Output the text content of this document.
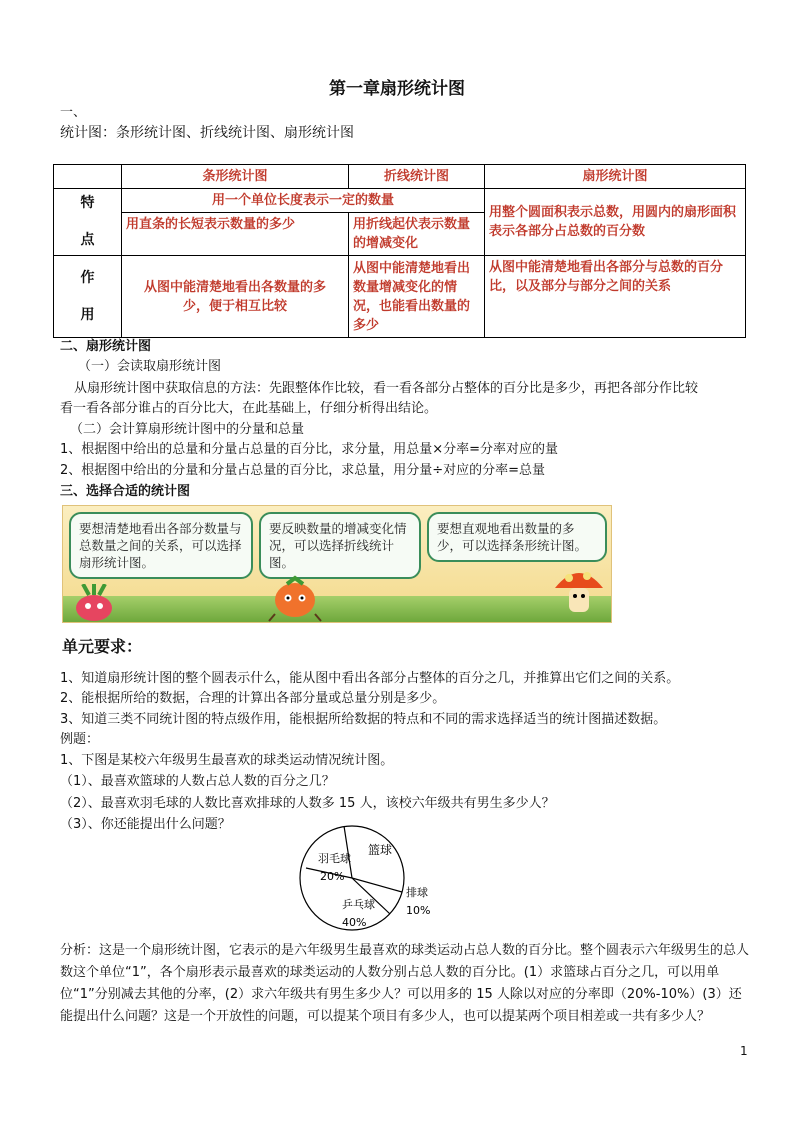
第一章扇形统计图
一、
统计图：条形统计图、折线统计图、扇形统计图
	条形统计图	折线统计图	扇形统计图

特
点	用一个单位长度表示一定的数量		用整个圆面积表示总数，用圆内的扇形面积表示各部分占总数的百分数
	用直条的长短表示数量的多少	用折线起伏表示数量的增减变化	

作
用	从图中能清楚地看出各数量的多少，便于相互比较	从图中能清楚地看出数量增减变化的情况，也能看出数量的多少	从图中能清楚地看出各部分与总数的百分比，以及部分与部分之间的关系
二、扇形统计图
（一）会读取扇形统计图
从扇形统计图中获取信息的方法：先跟整体作比较，看一看各部分占整体的百分比是多少，再把各部分作比较
看一看各部分谁占的百分比大，在此基础上，仔细分析得出结论。
（二）会计算扇形统计图中的分量和总量
1、根据图中给出的总量和分量占总量的百分比，求分量，用总量×分率=分率对应的量
2、根据图中给出的分量和分量占总量的百分比，求总量，用分量÷对应的分率=总量
三、选择合适的统计图
要想清楚地看出各部分数量与总数量之间的关系，可以选择扇形统计图。
要反映数量的增减变化情况，可以选择折线统计图。
要想直观地看出数量的多少，可以选择条形统计图。
单元要求：
1、知道扇形统计图的整个圆表示什么，能从图中看出各部分占整体的百分之几，并推算出它们之间的关系。
2、能根据所给的数据，合理的计算出各部分量或总量分别是多少。
3、知道三类不同统计图的特点级作用，能根据所给数据的特点和不同的需求选择适当的统计图描述数据。
例题：
1、下图是某校六年级男生最喜欢的球类运动情况统计图。
（1）、最喜欢篮球的人数占总人数的百分之几？
（2）、最喜欢羽毛球的人数比喜欢排球的人数多 15 人，该校六年级共有男生多少人？
（3）、你还能提出什么问题？
篮球
羽毛球
20%
乒乓球
40%
排球
10%
分析：这是一个扇形统计图，它表示的是六年级男生最喜欢的球类运动占总人数的百分比。整个圆表示六年级男生的总人数这个单位“1”，各个扇形表示最喜欢的球类运动的人数分别占总人数的百分比。(1）求篮球占百分之几，可以用单位“1”分别减去其他的分率，(2）求六年级共有男生多少人？可以用多的 15 人除以对应的分率即（20%-10%）(3）还能提出什么问题？这是一个开放性的问题，可以提某个项目有多少人，也可以提某两个项目相差或一共有多少人？
1
